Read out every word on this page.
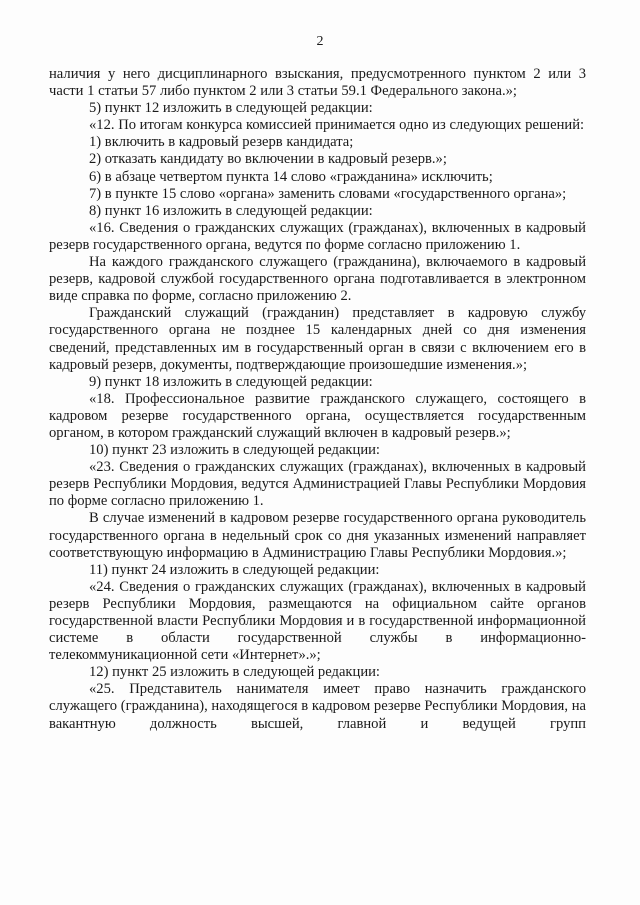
2

наличия у него дисциплинарного взыскания, предусмотренного пунктом 2 или 3 части 1 статьи 57 либо пунктом 2 или 3 статьи 59.1 Федерального закона.»;

5) пункт 12 изложить в следующей редакции:

«12. По итогам конкурса комиссией принимается одно из следующих решений:

1) включить в кадровый резерв кандидата;

2) отказать кандидату во включении в кадровый резерв.»;

6) в абзаце четвертом пункта 14 слово «гражданина» исключить;

7) в пункте 15 слово «органа» заменить словами «государственного органа»;

8) пункт 16 изложить в следующей редакции:

«16. Сведения о гражданских служащих (гражданах), включенных в кадровый резерв государственного органа, ведутся по форме согласно приложению 1.

На каждого гражданского служащего (гражданина), включаемого в кадровый резерв, кадровой службой государственного органа подготавливается в электронном виде справка по форме, согласно приложению 2.

Гражданский служащий (гражданин) представляет в кадровую службу государственного органа не позднее 15 календарных дней со дня изменения сведений, представленных им в государственный орган в связи с включением его в кадровый резерв, документы, подтверждающие произошедшие изменения.»;

9) пункт 18 изложить в следующей редакции:

«18. Профессиональное развитие гражданского служащего, состоящего в кадровом резерве государственного органа, осуществляется государственным органом, в котором гражданский служащий включен в кадровый резерв.»;

10) пункт 23 изложить в следующей редакции:

«23. Сведения о гражданских служащих (гражданах), включенных в кадровый резерв Республики Мордовия, ведутся Администрацией Главы Республики Мордовия по форме согласно приложению 1.

В случае изменений в кадровом резерве государственного органа руководитель государственного органа в недельный срок со дня указанных изменений направляет соответствующую информацию в Администрацию Главы Республики Мордовия.»;

11) пункт 24 изложить в следующей редакции:

«24. Сведения о гражданских служащих (гражданах), включенных в кадровый резерв Республики Мордовия, размещаются на официальном сайте органов государственной власти Республики Мордовия и в государственной информационной системе в области государственной службы в информационно-телекоммуникационной сети «Интернет».»;

12) пункт 25 изложить в следующей редакции:

«25. Представитель нанимателя имеет право назначить гражданского служащего (гражданина), находящегося в кадровом резерве Республики Мордовия, на вакантную должность высшей, главной и ведущей групп
